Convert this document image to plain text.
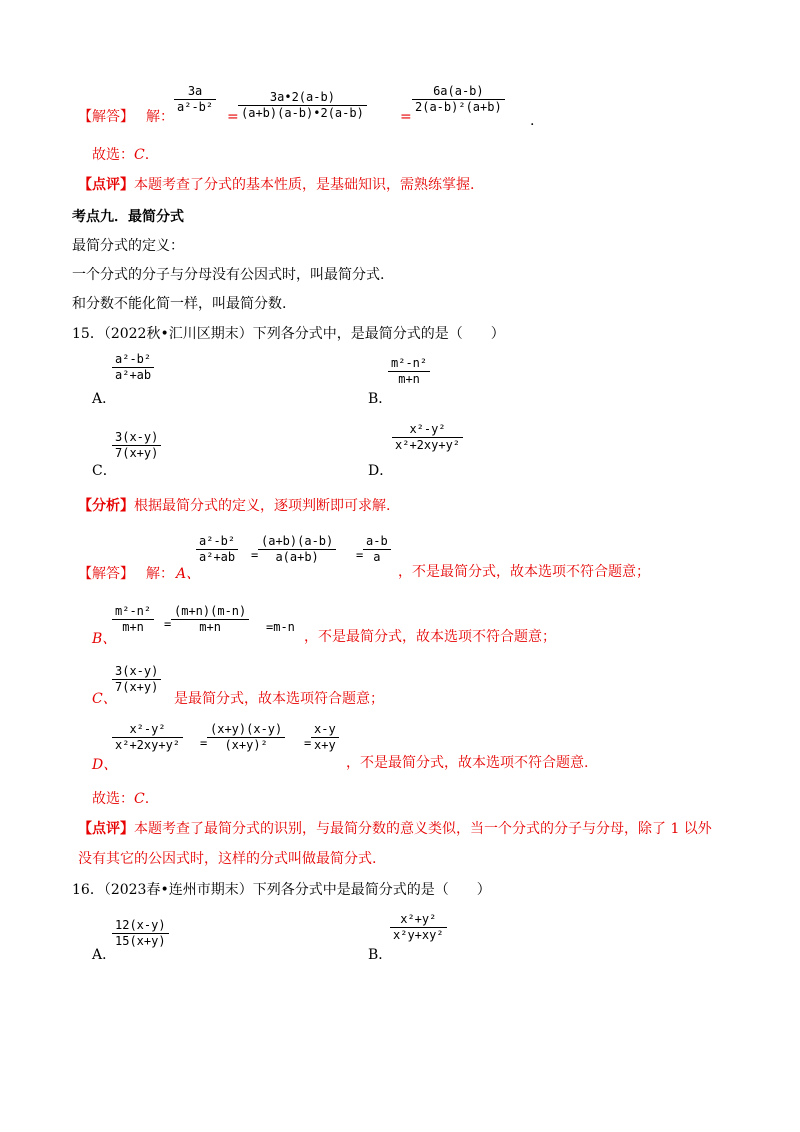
【解答】 解：
3a
a²-b²
=
3a•2(a-b)
(a+b)(a-b)•2(a-b)	=
6a(a-b)
2(a-b)²(a+b)
.
故选：C.
【点评】本题考查了分式的基本性质，是基础知识，需熟练掌握.
考点九．最简分式
最简分式的定义：
一个分式的分子与分母没有公因式时，叫最简分式.
和分数不能化简一样，叫最简分数.
15．（2022秋•汇川区期末）下列各分式中，是最简分式的是（　　）
A．
a²-b²
a²+ab
B．
m²-n²
m+n
C．
3(x-y)
7(x+y)
D．
x²-y²
x²+2xy+y²
【分析】根据最简分式的定义，逐项判断即可求解.
【解答】 解： A、
a²-b²
a²+ab =
(a+b)(a-b)
a(a+b)	=
a-b
a
，不是最简分式，故本选项不符合题意；
B、
m²-n²
m+n	=
(m+n)(m-n)
m+n	=m-n
，不是最简分式，故本选项不符合题意；
C、
3(x-y)
7(x+y)
是最简分式，故本选项符合题意；
D、
x²-y²
x²+2xy+y² =
(x+y)(x-y)
(x+y)²	=
x-y
x+y
，不是最简分式，故本选项不符合题意.
故选：C.
【点评】本题考查了最简分式的识别，与最简分数的意义类似，当一个分式的分子与分母，除了 1 以外
没有其它的公因式时，这样的分式叫做最简分式.
16．（2023春•连州市期末）下列各分式中是最简分式的是（　　）
A．
12(x-y)
15(x+y)
B．
x²+y²
x²y+xy²
